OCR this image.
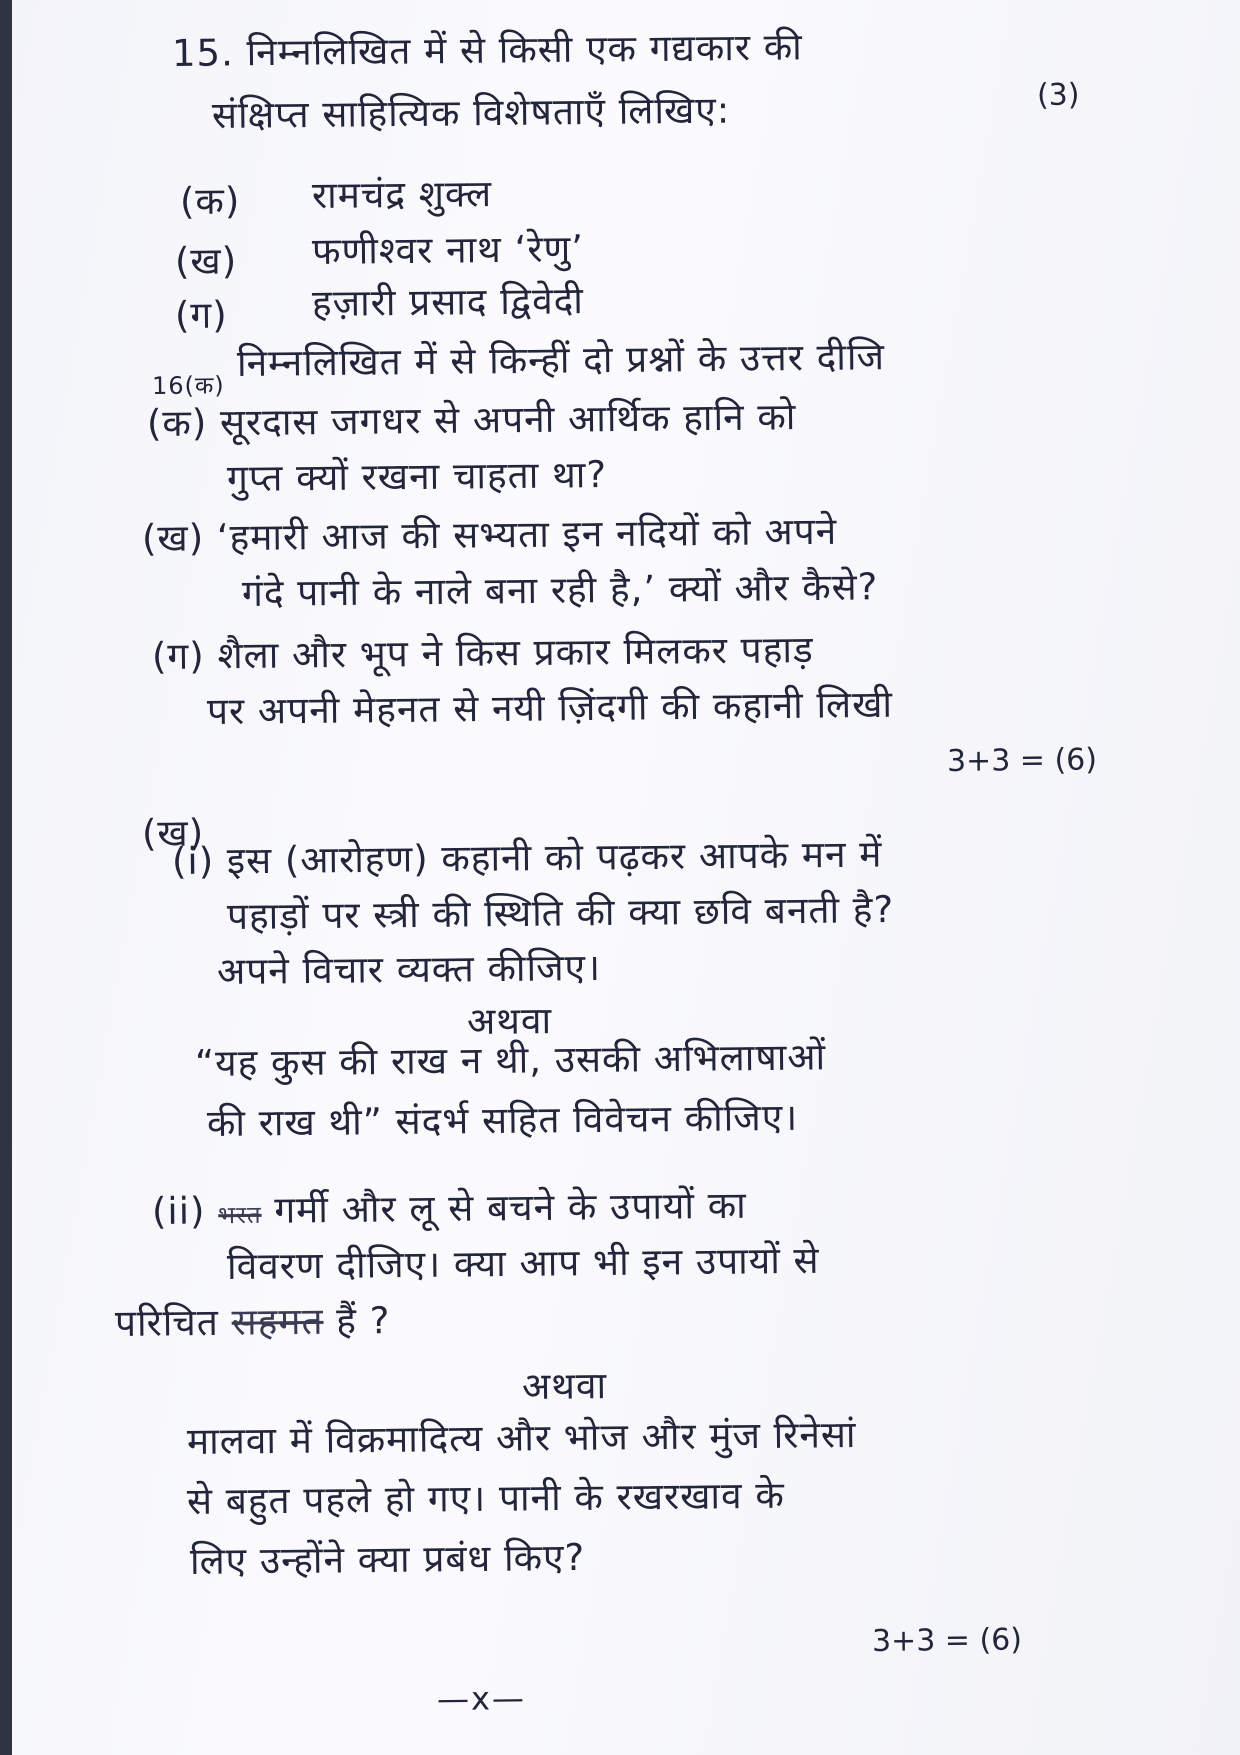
15. निम्नलिखित में से किसी एक गद्यकार की
(3)
संक्षिप्त साहित्यिक विशेषताएँ लिखिए:
(क) रामचंद्र शुक्ल
(ख) फणीश्वर नाथ ‘रेणु’
(ग) हज़ारी प्रसाद द्विवेदी
16(क)
निम्नलिखित में से किन्हीं दो प्रश्नों के उत्तर दीजि
(क) सूरदास जगधर से अपनी आर्थिक हानि को
गुप्त क्यों रखना चाहता था?
(ख) ‘हमारी आज की सभ्यता इन नदियों को अपने
गंदे पानी के नाले बना रही है,’ क्यों और कैसे?
(ग) शैला और भूप ने किस प्रकार मिलकर पहाड़
पर अपनी मेहनत से नयी ज़िंदगी की कहानी लिखी
3+3 = (6)
(ख)
(i) इस (आरोहण) कहानी को पढ़कर आपके मन में
पहाड़ों पर स्त्री की स्थिति की क्या छवि बनती है?
अपने विचार व्यक्त कीजिए।
अथवा
“यह कुस की राख न थी, उसकी अभिलाषाओं
की राख थी” संदर्भ सहित विवेचन कीजिए।
(ii) भरत गर्मी और लू से बचने के उपायों का
विवरण दीजिए। क्या आप भी इन उपायों से
परिचित सहमत हैं ?
अथवा
मालवा में विक्रमादित्य और भोज और मुंज रिनेसां
से बहुत पहले हो गए। पानी के रखरखाव के
लिए उन्होंने क्या प्रबंध किए?
3+3 = (6)
—x—
